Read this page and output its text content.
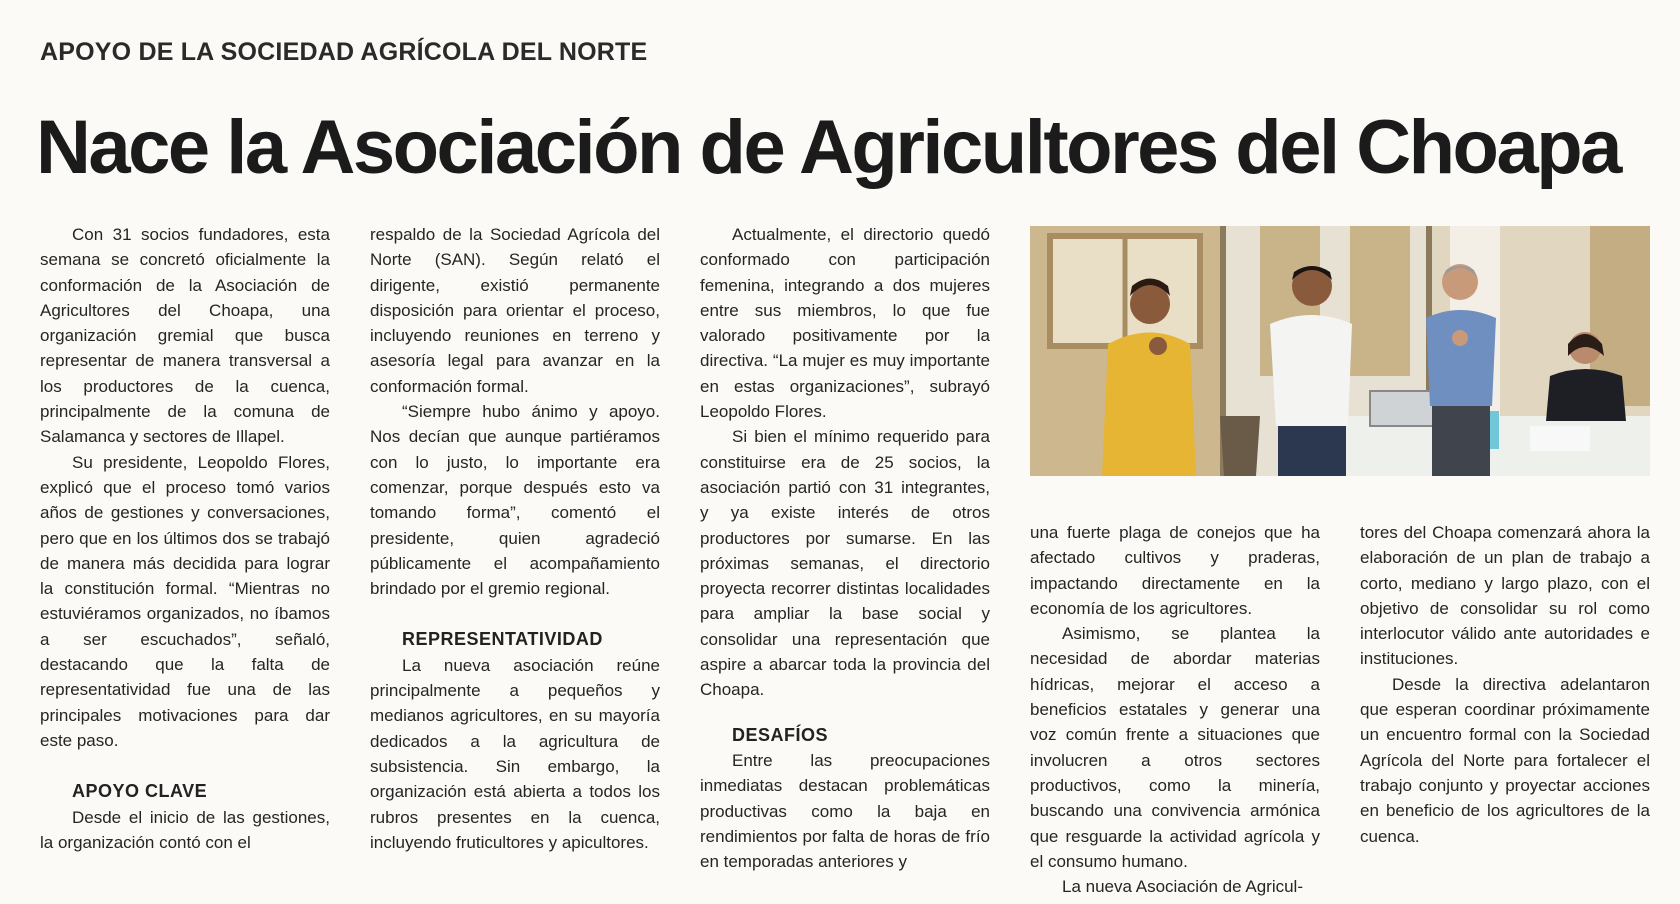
APOYO DE LA SOCIEDAD AGRÍCOLA DEL NORTE
Nace la Asociación de Agricultores del Choapa

Con 31 socios fundadores, esta semana se concretó oficialmente la conformación de la Asociación de Agricultores del Choapa, una organización gremial que busca representar de manera transversal a los productores de la cuenca, principalmente de la comuna de Salamanca y sectores de Illapel.

Su presidente, Leopoldo Flores, explicó que el proceso tomó varios años de gestiones y conversaciones, pero que en los últimos dos se trabajó de manera más decidida para lograr la constitución formal. “Mientras no estuviéramos organizados, no íbamos a ser escuchados”, señaló, destacando que la falta de representatividad fue una de las principales motivaciones para dar este paso.

APOYO CLAVE

Desde el inicio de las gestiones, la organización contó con el

respaldo de la Sociedad Agrícola del Norte (SAN). Según relató el dirigente, existió permanente disposición para orientar el proceso, incluyendo reuniones en terreno y asesoría legal para avanzar en la conformación formal.

“Siempre hubo ánimo y apoyo. Nos decían que aunque partiéramos con lo justo, lo importante era comenzar, porque después esto va tomando forma”, comentó el presidente, quien agradeció públicamente el acompañamiento brindado por el gremio regional.

REPRESENTATIVIDAD

La nueva asociación reúne principalmente a pequeños y medianos agricultores, en su mayoría dedicados a la agricultura de subsistencia. Sin embargo, la organización está abierta a todos los rubros presentes en la cuenca, incluyendo fruticultores y apicultores.

Actualmente, el directorio quedó conformado con participación femenina, integrando a dos mujeres entre sus miembros, lo que fue valorado positivamente por la directiva. “La mujer es muy importante en estas organizaciones”, subrayó Leopoldo Flores.

Si bien el mínimo requerido para constituirse era de 25 socios, la asociación partió con 31 integrantes, y ya existe interés de otros productores por sumarse. En las próximas semanas, el directorio proyecta recorrer distintas localidades para ampliar la base social y consolidar una representación que aspire a abarcar toda la provincia del Choapa.

DESAFÍOS

Entre las preocupaciones inmediatas destacan problemáticas productivas como la baja en rendimientos por falta de horas de frío en temporadas anteriores y

una fuerte plaga de conejos que ha afectado cultivos y praderas, impactando directamente en la economía de los agricultores.

Asimismo, se plantea la necesidad de abordar materias hídricas, mejorar el acceso a beneficios estatales y generar una voz común frente a situaciones que involucren a otros sectores productivos, como la minería, buscando una convivencia armónica que resguarde la actividad agrícola y el consumo humano.

La nueva Asociación de Agricul-

tores del Choapa comenzará ahora la elaboración de un plan de trabajo a corto, mediano y largo plazo, con el objetivo de consolidar su rol como interlocutor válido ante autoridades e instituciones.

Desde la directiva adelantaron que esperan coordinar próximamente un encuentro formal con la Sociedad Agrícola del Norte para fortalecer el trabajo conjunto y proyectar acciones en beneficio de los agricultores de la cuenca.
